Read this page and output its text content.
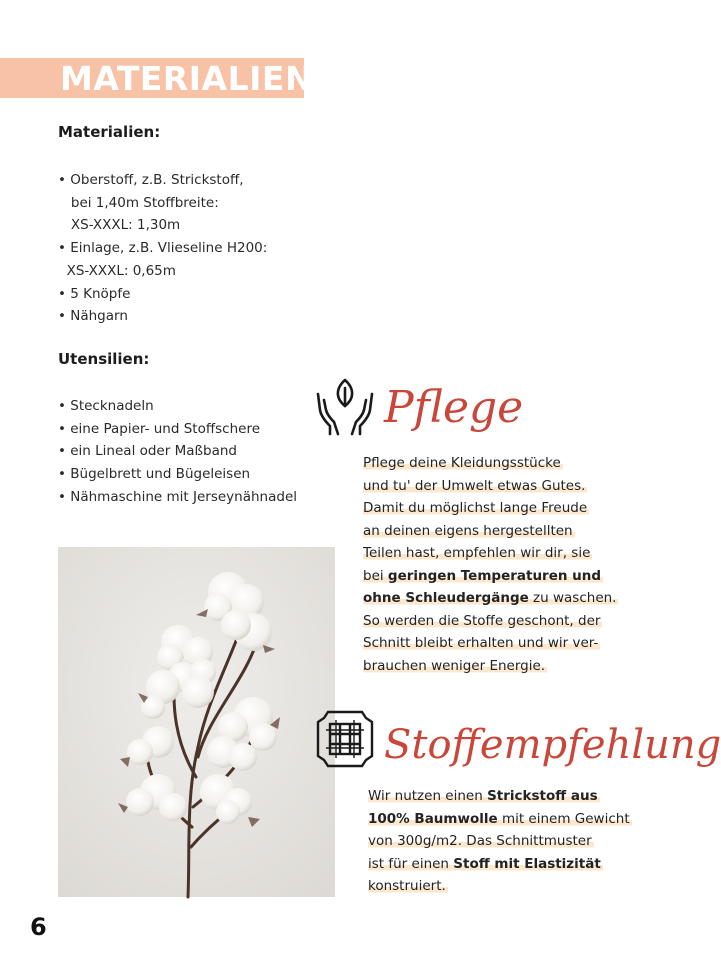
MATERIALIEN
Materialien:
• Oberstoff, z.B. Strickstoff,
bei 1,40m Stoffbreite:
XS-XXXL: 1,30m
• Einlage, z.B. Vlieseline H200:
XS-XXXL: 0,65m
• 5 Knöpfe
• Nähgarn
Utensilien:
• Stecknadeln
• eine Papier- und Stoffschere
• ein Lineal oder Maßband
• Bügelbrett und Bügeleisen
• Nähmaschine mit Jerseynähnadel
Pflege
Pflege deine Kleidungsstücke
und tu' der Umwelt etwas Gutes.
Damit du möglichst lange Freude
an deinen eigens hergestellten
Teilen hast, empfehlen wir dir, sie
bei geringen Temperaturen und
ohne Schleudergänge zu waschen.
So werden die Stoffe geschont, der
Schnitt bleibt erhalten und wir ver-
brauchen weniger Energie.
Stoffempfehlung
Wir nutzen einen Strickstoff aus
100% Baumwolle mit einem Gewicht
von 300g/m2. Das Schnittmuster
ist für einen Stoff mit Elastizität
konstruiert.
6
